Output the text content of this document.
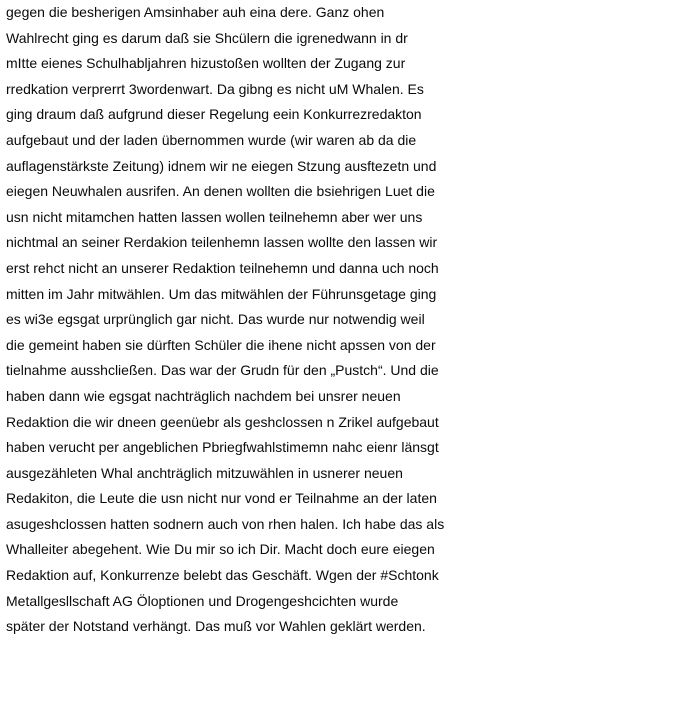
gegen die besherigen Amsinhaber auh eina dere. Ganz ohen
Wahlrecht ging es darum daß sie Shcülern die igrenedwann in dr
mItte eienes Schulhabljahren hizustoßen wollten der Zugang zur
rredkation verprerrt 3wordenwart. Da gibng es nicht uM Whalen. Es
ging draum daß aufgrund dieser Regelung eein Konkurrezredakton
aufgebaut und der laden übernommen wurde (wir waren ab da die
auflagenstärkste Zeitung) idnem wir ne eiegen Stzung ausftezetn und
eiegen Neuwhalen ausrifen. An denen wollten die bsiehrigen Luet die
usn nicht mitamchen hatten lassen wollen teilnehemn aber wer uns
nichtmal an seiner Rerdakion teilenhemn lassen wollte den lassen wir
erst rehct nicht an unserer Redaktion teilnehemn und danna uch noch
mitten im Jahr mitwählen. Um das mitwählen der Führunsgetage ging
es wi3e egsgat urprünglich gar nicht. Das wurde nur notwendig weil
die gemeint haben sie dürften Schüler die ihene nicht apssen von der
tielnahme ausshcließen. Das war der Grudn für den „Pustch“. Und die
haben dann wie egsgat nachträglich nachdem bei unsrer neuen
Redaktion die wir dneen geenüebr als geshclossen n Zrikel aufgebaut
haben verucht per angeblichen Pbriegfwahlstimemn nahc eienr länsgt
ausgezähleten Whal anchträglich mitzuwählen in usnerer neuen
Redakiton, die Leute die usn nicht nur vond er Teilnahme an der laten
asugeshclossen hatten sodnern auch von rhen halen. Ich habe das als
Whalleiter abegehent. Wie Du mir so ich Dir. Macht doch eure eiegen
Redaktion auf, Konkurrenze belebt das Geschäft. Wgen der #Schtonk
Metallgesllschaft AG Öloptionen und Drogengeshcichten wurde
später der Notstand verhängt. Das muß vor Wahlen geklärt werden.
